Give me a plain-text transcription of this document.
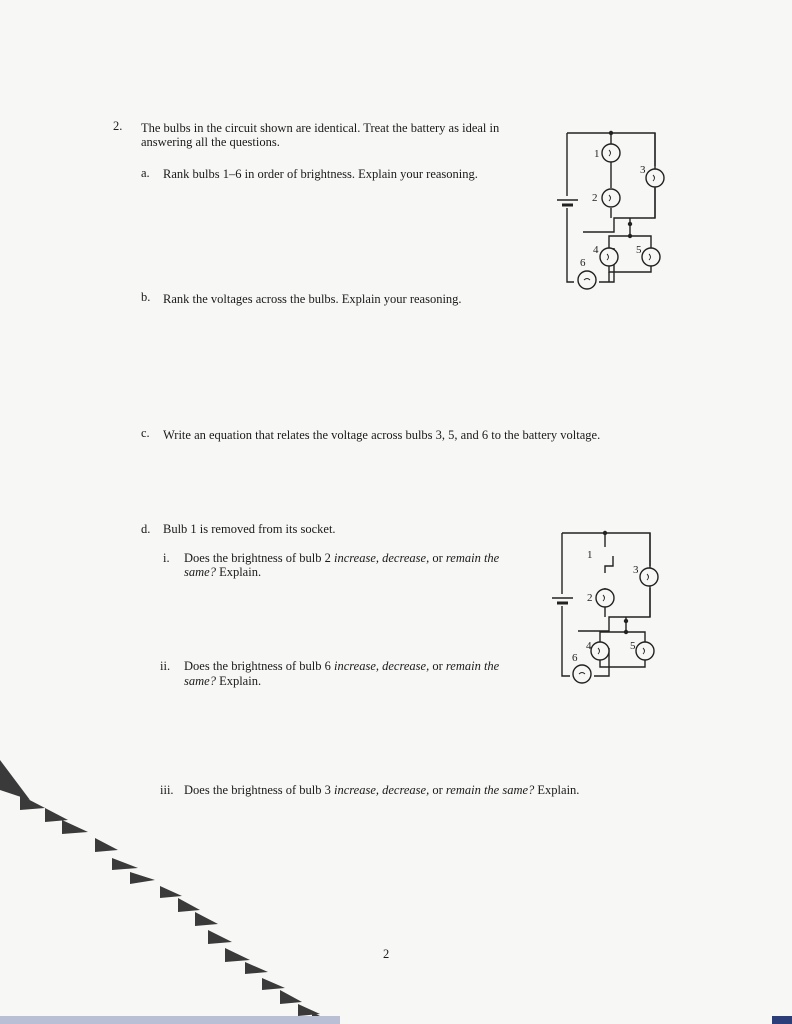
2. The bulbs in the circuit shown are identical. Treat the battery as ideal in
answering all the questions.
a. Rank bulbs 1–6 in order of brightness. Explain your reasoning.
b. Rank the voltages across the bulbs. Explain your reasoning.
c. Write an equation that relates the voltage across bulbs 3, 5, and 6 to the battery voltage.
d. Bulb 1 is removed from its socket.
i. Does the brightness of bulb 2 increase, decrease, or remain the
same? Explain.
ii. Does the brightness of bulb 6 increase, decrease, or remain the
same? Explain.
iii. Does the brightness of bulb 3 increase, decrease, or remain the same? Explain.
1
2
3
4	5
6
1
2
3
4	5
6
2
